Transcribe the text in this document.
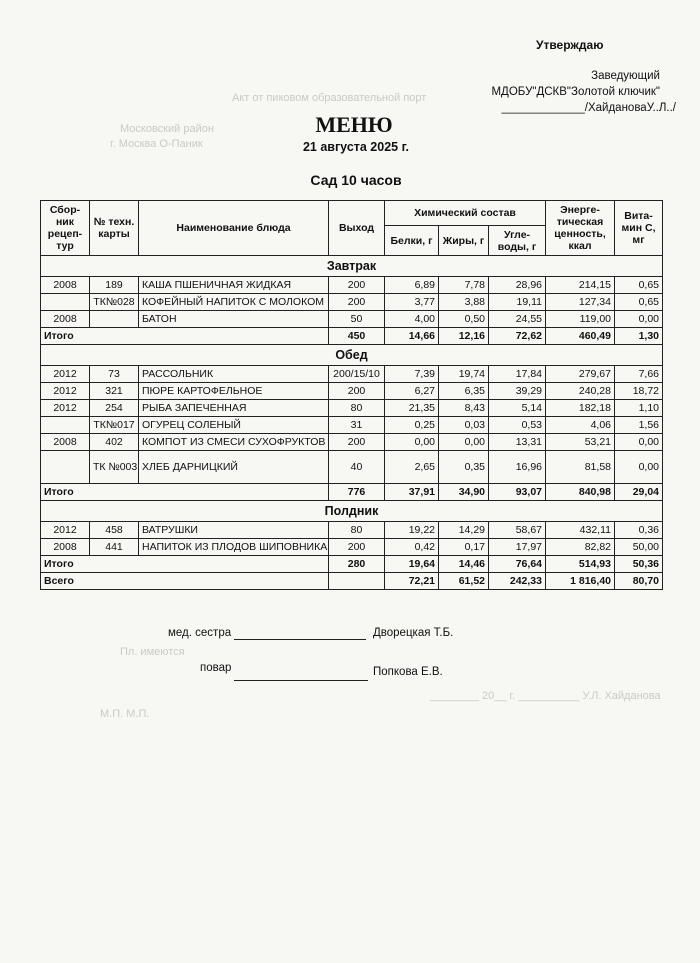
Акт от пиковом образовательной порт
Московский район
г. Москва О-Паник
Утверждаю
Заведующий
МДОБУ"ДСКВ"Золотой ключик"
_____________/ХайдановаУ..Л../
МЕНЮ
21 августа 2025 г.
Сад 10 часов
Сбор-ник рецеп-тур	№ техн. карты	Наименование блюда	Выход	Химический состав			Энерге-тическая ценность, ккал	Вита-мин С, мг
				Белки, г	Жиры, г	Угле-воды, г		
Завтрак								
2008	189	КАША ПШЕНИЧНАЯ ЖИДКАЯ	200	6,89	7,78	28,96	214,15	0,65
	ТК№028	КОФЕЙНЫЙ НАПИТОК С МОЛОКОМ	200	3,77	3,88	19,11	127,34	0,65
2008		БАТОН	50	4,00	0,50	24,55	119,00	0,00
Итого			450	14,66	12,16	72,62	460,49	1,30
Обед								
2012	73	РАССОЛЬНИК	200/15/10	7,39	19,74	17,84	279,67	7,66
2012	321	ПЮРЕ КАРТОФЕЛЬНОЕ	200	6,27	6,35	39,29	240,28	18,72
2012	254	РЫБА ЗАПЕЧЕННАЯ	80	21,35	8,43	5,14	182,18	1,10
	ТК№017	ОГУРЕЦ СОЛЕНЫЙ	31	0,25	0,03	0,53	4,06	1,56
2008	402	КОМПОТ ИЗ СМЕСИ СУХОФРУКТОВ	200	0,00	0,00	13,31	53,21	0,00
	ТК №003	ХЛЕБ ДАРНИЦКИЙ	40	2,65	0,35	16,96	81,58	0,00
Итого			776	37,91	34,90	93,07	840,98	29,04
Полдник								
2012	458	ВАТРУШКИ	80	19,22	14,29	58,67	432,11	0,36
2008	441	НАПИТОК ИЗ ПЛОДОВ ШИПОВНИКА	200	0,42	0,17	17,97	82,82	50,00
Итого			280	19,64	14,46	76,64	514,93	50,36
Всего				72,21	61,52	242,33	1 816,40	80,70
мед. сестра	Дворецкая Т.Б.
повар	Попкова Е.В.
________ 20__ г. __________ У.Л. Хайданова
М.П. М.П.
Пл. имеются
